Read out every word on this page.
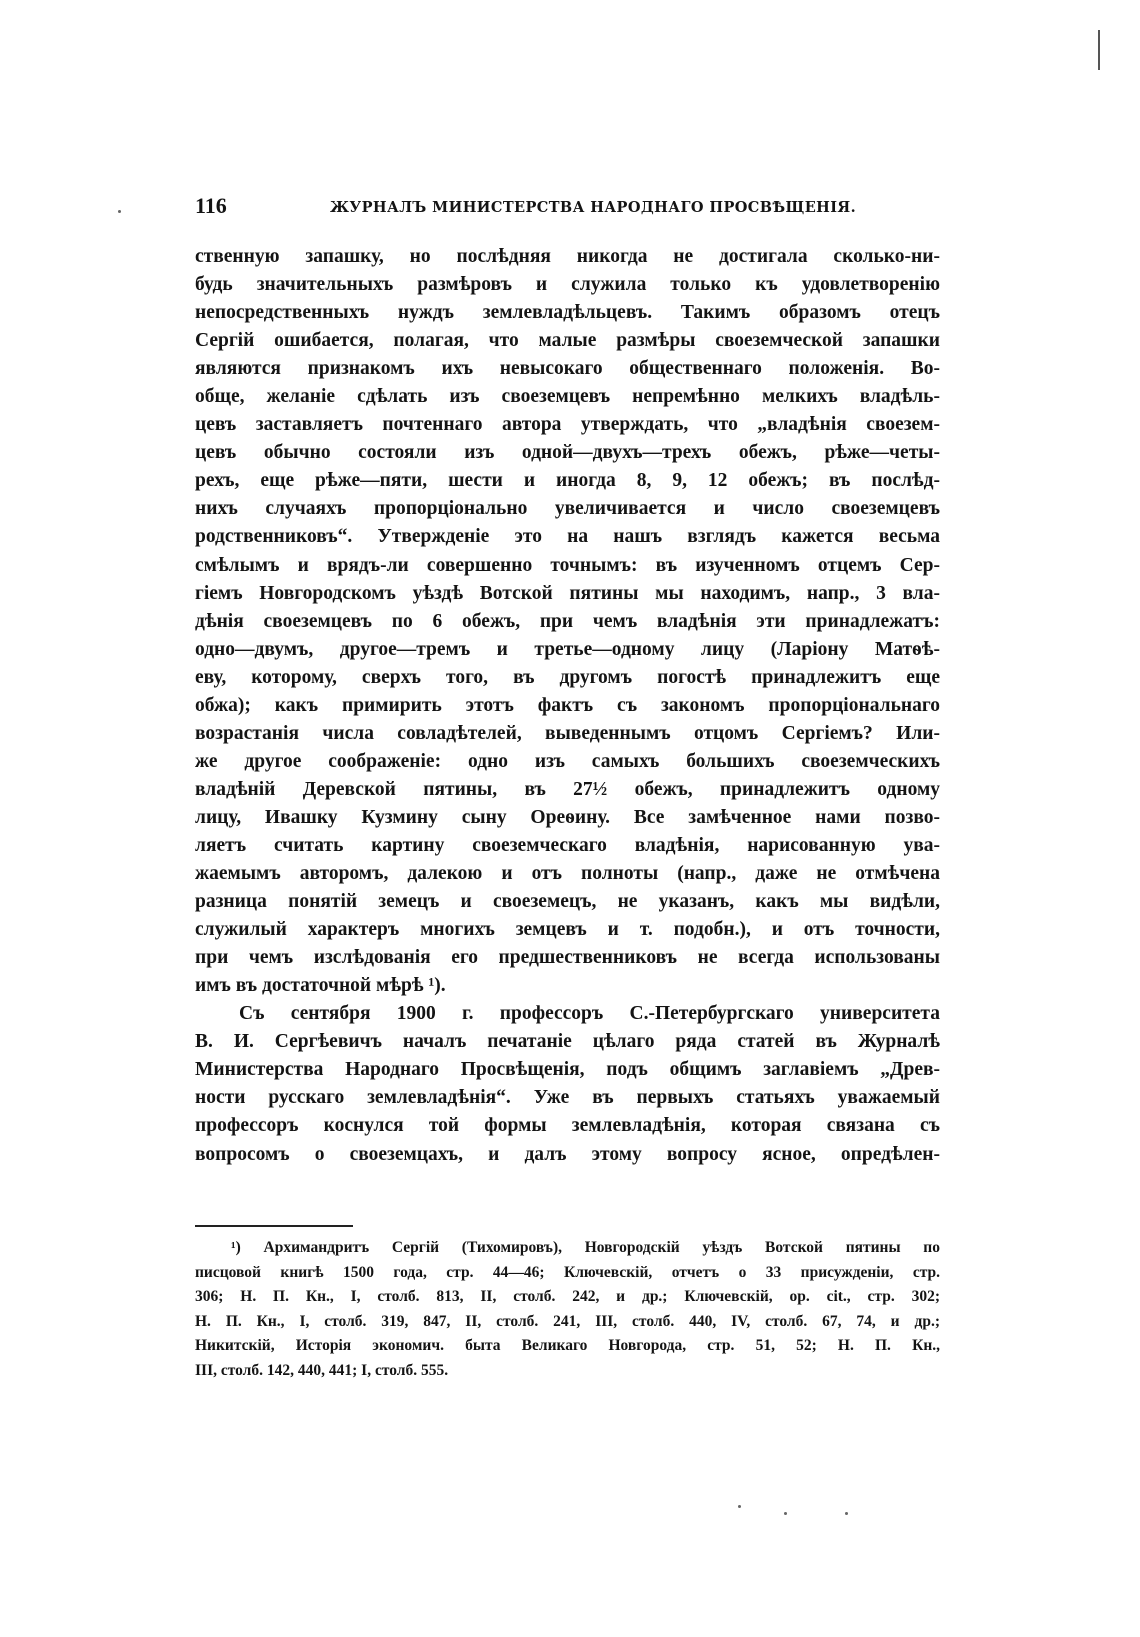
116	ЖУРНАЛЪ МИНИСТЕРСТВА НАРОДНАГО ПРОСВѢЩЕНІЯ.
ственную запашку, но послѣдняя никогда не достигала сколько-ни-
будь значительныхъ размѣровъ и служила только къ удовлетворенію
непосредственныхъ нуждъ землевладѣльцевъ. Такимъ образомъ отецъ
Сергій ошибается, полагая, что малые размѣры своеземческой запашки
являются признакомъ ихъ невысокаго общественнаго положенія. Во-
обще, желаніе сдѣлать изъ своеземцевъ непремѣнно мелкихъ владѣль-
цевъ заставляетъ почтеннаго автора утверждать, что „владѣнія своезем-
цевъ обычно состояли изъ одной—двухъ—трехъ обежъ, рѣже—четы-
рехъ, еще рѣже—пяти, шести и иногда 8, 9, 12 обежъ; въ послѣд-
нихъ случаяхъ пропорціонально увеличивается и число своеземцевъ
родственниковъ“. Утвержденіе это на нашъ взглядъ кажется весьма
смѣлымъ и врядъ-ли совершенно точнымъ: въ изученномъ отцемъ Сер-
гіемъ Новгородскомъ уѣздѣ Вотской пятины мы находимъ, напр., 3 вла-
дѣнія своеземцевъ по 6 обежъ, при чемъ владѣнія эти принадлежатъ:
одно—двумъ, другое—тремъ и третье—одному лицу (Ларіону Матѳѣ-
еву, которому, сверхъ того, въ другомъ погостѣ принадлежитъ еще
обжа); какъ примирить этотъ фактъ съ закономъ пропорціональнаго
возрастанія числа совладѣтелей, выведеннымъ отцомъ Сергіемъ? Или-
же другое соображеніе: одно изъ самыхъ большихъ своеземческихъ
владѣній Деревской пятины, въ 27½ обежъ, принадлежитъ одному
лицу, Ивашку Кузмину сыну Ореѳину. Все замѣченное нами позво-
ляетъ считать картину своеземческаго владѣнія, нарисованную ува-
жаемымъ авторомъ, далекою и отъ полноты (напр., даже не отмѣчена
разница понятій земецъ и своеземецъ, не указанъ, какъ мы видѣли,
служилый характеръ многихъ земцевъ и т. подобн.), и отъ точности,
при чемъ изслѣдованія его предшественниковъ не всегда использованы
имъ въ достаточной мѣрѣ ¹).
Съ сентября 1900 г. профессоръ С.-Петербургскаго университета
В. И. Сергѣевичъ началъ печатаніе цѣлаго ряда статей въ Журналѣ
Министерства Народнаго Просвѣщенія, подъ общимъ заглавіемъ „Древ-
ности русскаго землевладѣнія“. Уже въ первыхъ статьяхъ уважаемый
профессоръ коснулся той формы землевладѣнія, которая связана съ
вопросомъ о своеземцахъ, и далъ этому вопросу ясное, опредѣлен-
¹) Архимандритъ Сергій (Тихомировъ), Новгородскій уѣздъ Вотской пятины по
писцовой книгѣ 1500 года, стр. 44—46; Ключевскій, отчетъ о 33 присужденіи, стр.
306; Н. П. Кн., I, столб. 813, II, столб. 242, и др.; Ключевскій, op. cit., стр. 302;
Н. П. Кн., I, столб. 319, 847, II, столб. 241, III, столб. 440, IV, столб. 67, 74, и др.;
Никитскій, Исторія экономич. быта Великаго Новгорода, стр. 51, 52; Н. П. Кн.,
III, столб. 142, 440, 441; I, столб. 555.
